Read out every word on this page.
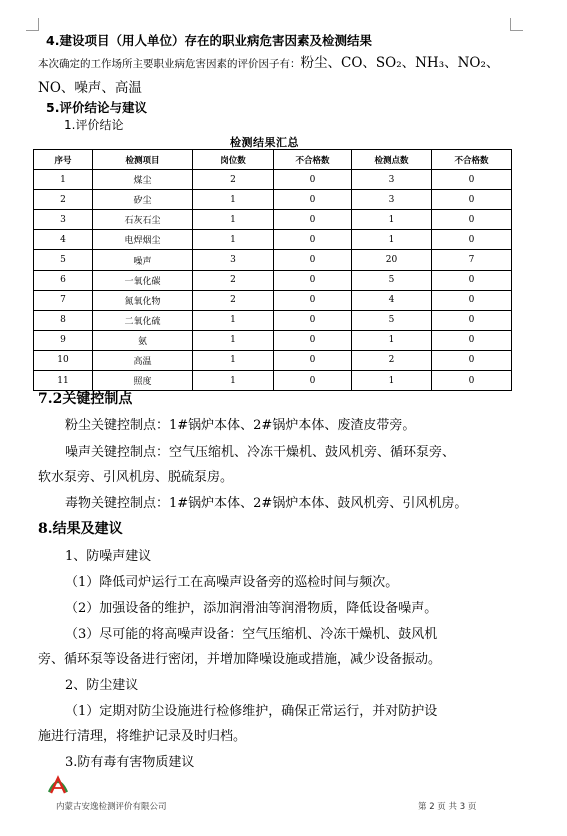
4.建设项目（用人单位）存在的职业病危害因素及检测结果
本次确定的工作场所主要职业病危害因素的评价因子有：粉尘、CO、SO₂、NH₃、NO₂、
NO、噪声、高温
5.评价结论与建议
1.评价结论
检测结果汇总
序号	检测项目	岗位数	不合格数	检测点数	不合格数
1	煤尘	2	0	3	0
2	矽尘	1	0	3	0
3	石灰石尘	1	0	1	0
4	电焊烟尘	1	0	1	0
5	噪声	3	0	20	7
6	一氧化碳	2	0	5	0
7	氮氧化物	2	0	4	0
8	二氧化硫	1	0	5	0
9	氨	1	0	1	0
10	高温	1	0	2	0
11	照度	1	0	1	0
7.2关键控制点
粉尘关键控制点：1#锅炉本体、2#锅炉本体、废渣皮带旁。
噪声关键控制点：空气压缩机、冷冻干燥机、鼓风机旁、循环泵旁、
软水泵旁、引风机房、脱硫泵房。
毒物关键控制点：1#锅炉本体、2#锅炉本体、鼓风机旁、引风机房。
8.结果及建议
1、防噪声建议
（1）降低司炉运行工在高噪声设备旁的巡检时间与频次。
（2）加强设备的维护，添加润滑油等润滑物质，降低设备噪声。
（3）尽可能的将高噪声设备：空气压缩机、冷冻干燥机、鼓风机
旁、循环泵等设备进行密闭，并增加降噪设施或措施，减少设备振动。
2、防尘建议
（1）定期对防尘设施进行检修维护，确保正常运行，并对防护设
施进行清理，将维护记录及时归档。
3.防有毒有害物质建议
内蒙古安逸检测评价有限公司	第 2 页 共 3 页
